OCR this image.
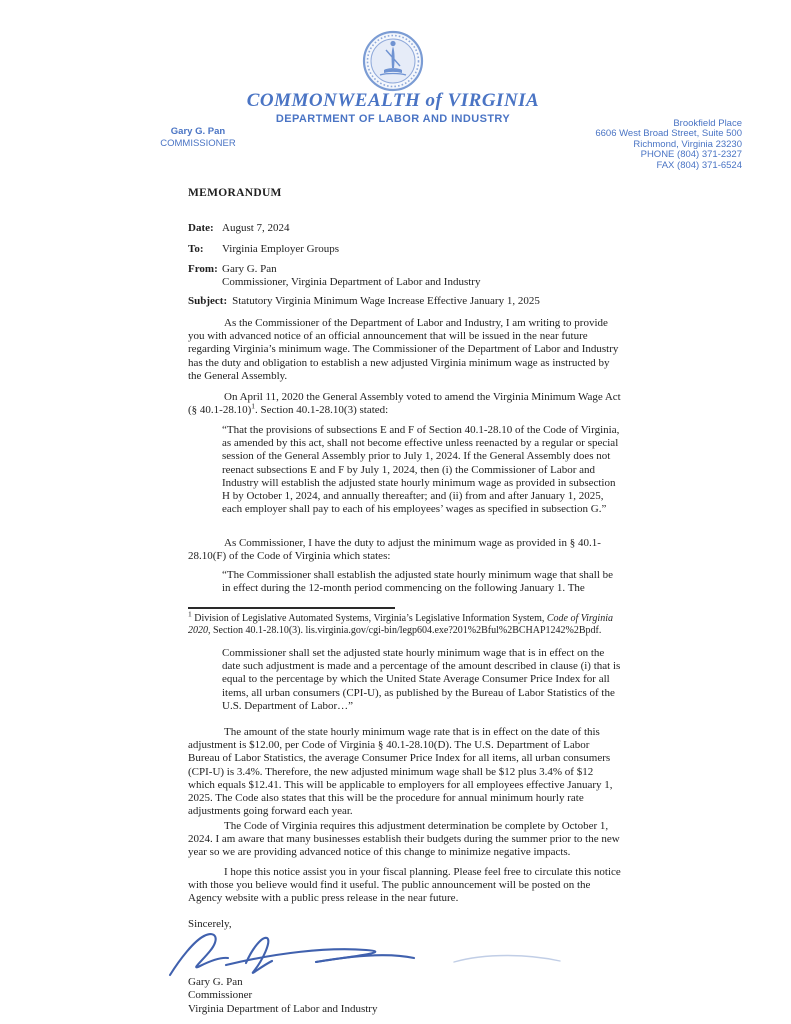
COMMONWEALTH of VIRGINIA
DEPARTMENT OF LABOR AND INDUSTRY
Gary G. Pan
COMMISSIONER
Brookfield Place
6606 West Broad Street, Suite 500
Richmond, Virginia 23230
PHONE (804) 371-2327
FAX (804) 371-6524
MEMORANDUM
Date: August 7, 2024
To:	Virginia Employer Groups
From: Gary G. Pan
Commissioner, Virginia Department of Labor and Industry
Subject: Statutory Virginia Minimum Wage Increase Effective January 1, 2025
As the Commissioner of the Department of Labor and Industry, I am writing to provide you with advanced notice of an official announcement that will be issued in the near future regarding Virginia’s minimum wage. The Commissioner of the Department of Labor and Industry has the duty and obligation to establish a new adjusted Virginia minimum wage as instructed by the General Assembly.
On April 11, 2020 the General Assembly voted to amend the Virginia Minimum Wage Act (§ 40.1-28.10)$^1$. Section 40.1-28.10(3) stated:
“That the provisions of subsections E and F of Section 40.1-28.10 of the Code of Virginia, as amended by this act, shall not become effective unless reenacted by a regular or special session of the General Assembly prior to July 1, 2024. If the General Assembly does not reenact subsections E and F by July 1, 2024, then (i) the Commissioner of Labor and Industry will establish the adjusted state hourly minimum wage as provided in subsection H by October 1, 2024, and annually thereafter; and (ii) from and after January 1, 2025, each employer shall pay to each of his employees’ wages as specified in subsection G.”
As Commissioner, I have the duty to adjust the minimum wage as provided in § 40.1-28.10(F) of the Code of Virginia which states:
“The Commissioner shall establish the adjusted state hourly minimum wage that shall be in effect during the 12-month period commencing on the following January 1. The
$^1$ Division of Legislative Automated Systems, Virginia’s Legislative Information System, Code of Virginia 2020, Section 40.1-28.10(3). lis.virginia.gov/cgi-bin/legp604.exe?201%2Bful%2BCHAP1242%2Bpdf.
Commissioner shall set the adjusted state hourly minimum wage that is in effect on the date such adjustment is made and a percentage of the amount described in clause (i) that is equal to the percentage by which the United State Average Consumer Price Index for all items, all urban consumers (CPI-U), as published by the Bureau of Labor Statistics of the U.S. Department of Labor…”
The amount of the state hourly minimum wage rate that is in effect on the date of this adjustment is $12.00, per Code of Virginia § 40.1-28.10(D). The U.S. Department of Labor Bureau of Labor Statistics, the average Consumer Price Index for all items, all urban consumers (CPI-U) is 3.4%. Therefore, the new adjusted minimum wage shall be $12 plus 3.4% of $12 which equals $12.41. This will be applicable to employers for all employees effective January 1, 2025. The Code also states that this will be the procedure for annual minimum hourly rate adjustments going forward each year.
The Code of Virginia requires this adjustment determination be complete by October 1, 2024. I am aware that many businesses establish their budgets during the summer prior to the new year so we are providing advanced notice of this change to minimize negative impacts.
I hope this notice assist you in your fiscal planning. Please feel free to circulate this notice with those you believe would find it useful. The public announcement will be posted on the Agency website with a public press release in the near future.
Sincerely,
Gary G. Pan
Commissioner
Virginia Department of Labor and Industry
